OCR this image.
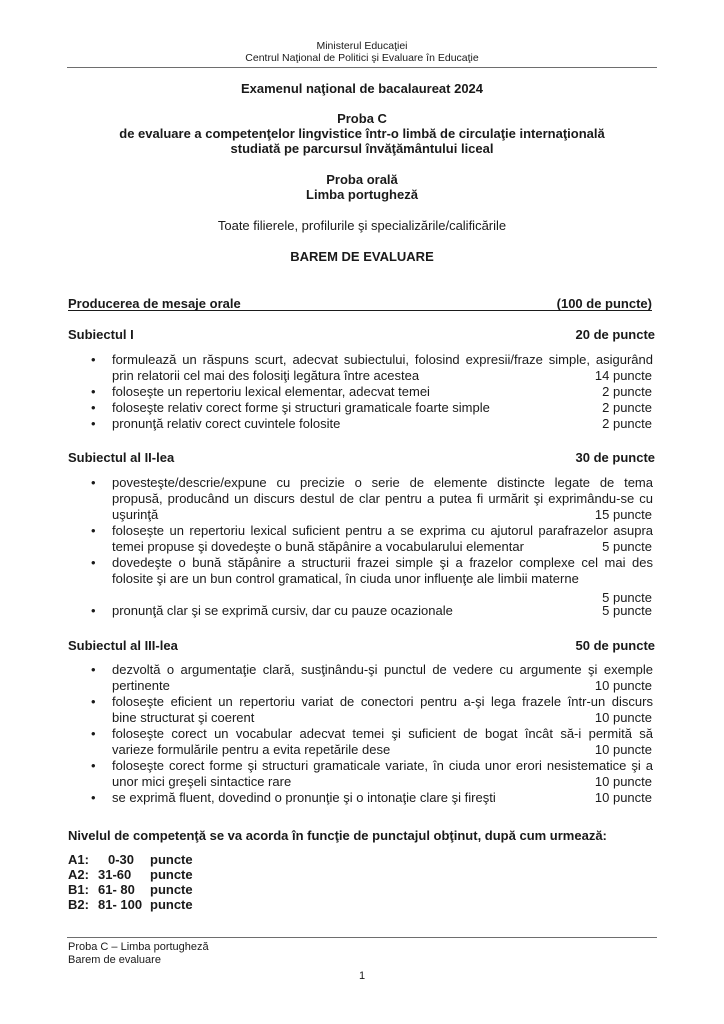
Ministerul Educaţiei
Centrul Naţional de Politici şi Evaluare în Educaţie
Examenul naţional de bacalaureat 2024
Proba C
de evaluare a competenţelor lingvistice într-o limbă de circulaţie internaţională
studiată pe parcursul învăţământului liceal
Proba orală
Limba portugheză
Toate filierele, profilurile şi specializările/calificările
BAREM DE EVALUARE
Producerea de mesaje orale	(100 de puncte)
Subiectul I	20 de puncte
• formulează un răspuns scurt, adecvat subiectului, folosind expresii/fraze simple, asigurând
prin relatorii cel mai des folosiţi legătura între acestea	14 puncte
• foloseşte un repertoriu lexical elementar, adecvat temei	2 puncte
• foloseşte relativ corect forme şi structuri gramaticale foarte simple	2 puncte
• pronunţă relativ corect cuvintele folosite	2 puncte
Subiectul al II-lea	30 de puncte
• povesteşte/descrie/expune cu precizie o serie de elemente distincte legate de tema
propusă, producând un discurs destul de clar pentru a putea fi urmărit şi exprimându-se cu
uşurinţă	15 puncte
• foloseşte un repertoriu lexical suficient pentru a se exprima cu ajutorul parafrazelor asupra
temei propuse şi dovedeşte o bună stăpânire a vocabularului elementar	5 puncte
• dovedeşte o bună stăpânire a structurii frazei simple şi a frazelor complexe cel mai des
folosite şi are un bun control gramatical, în ciuda unor influenţe ale limbii materne
5 puncte
• pronunţă clar şi se exprimă cursiv, dar cu pauze ocazionale	5 puncte
Subiectul al III-lea	50 de puncte
• dezvoltă o argumentaţie clară, susţinându-şi punctul de vedere cu argumente şi exemple
pertinente	10 puncte
• foloseşte eficient un repertoriu variat de conectori pentru a-şi lega frazele într-un discurs
bine structurat şi coerent	10 puncte
• foloseşte corect un vocabular adecvat temei şi suficient de bogat încât să-i permită să
varieze formulările pentru a evita repetările dese	10 puncte
• foloseşte corect forme şi structuri gramaticale variate, în ciuda unor erori nesistematice şi a
unor mici greşeli sintactice rare	10 puncte
• se exprimă fluent, dovedind o pronunţie şi o intonaţie clare şi fireşti	10 puncte
Nivelul de competenţă se va acorda în funcţie de punctajul obţinut, după cum urmează:
A1: 0-30 puncte
A2: 31-60 puncte
B1: 61- 80 puncte
B2: 81- 100 puncte
Proba C – Limba portugheză
Barem de evaluare
1
